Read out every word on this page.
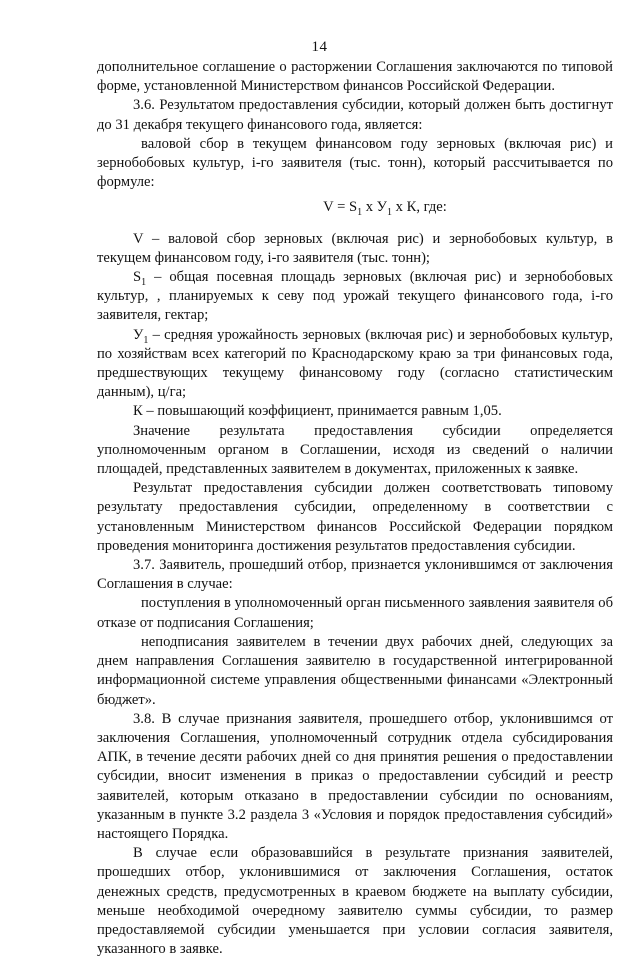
14

дополнительное соглашение о расторжении Соглашения заключаются по типовой форме, установленной Министерством финансов Российской Федерации.

3.6. Результатом предоставления субсидии, который должен быть достигнут до 31 декабря текущего финансового года, является:

валовой сбор в текущем финансовом году зерновых (включая рис) и зернобобовых культур, i-го заявителя (тыс. тонн), который рассчитывается по формуле:

$V = S_1$ x $У_1$ x К, где:

V – валовой сбор зерновых (включая рис) и зернобобовых культур, в текущем финансовом году, i-го заявителя (тыс. тонн);

$S_1$ – общая посевная площадь зерновых (включая рис) и зернобобовых культур, , планируемых к севу под урожай текущего финансового года, i-го заявителя, гектар;

$У_1$ – средняя урожайность зерновых (включая рис) и зернобобовых культур, по хозяйствам всех категорий по Краснодарскому краю за три финансовых года, предшествующих текущему финансовому году (согласно статистическим данным), ц/га;

К – повышающий коэффициент, принимается равным 1,05.

Значение результата предоставления субсидии определяется уполномоченным органом в Соглашении, исходя из сведений о наличии площадей, представленных заявителем в документах, приложенных к заявке.

Результат предоставления субсидии должен соответствовать типовому результату предоставления субсидии, определенному в соответствии с установленным Министерством финансов Российской Федерации порядком проведения мониторинга достижения результатов предоставления субсидии.

3.7. Заявитель, прошедший отбор, признается уклонившимся от заключения Соглашения в случае:

поступления в уполномоченный орган письменного заявления заявителя об отказе от подписания Соглашения;

неподписания заявителем в течении двух рабочих дней, следующих за днем направления Соглашения заявителю в государственной интегрированной информационной системе управления общественными финансами «Электронный бюджет».

3.8. В случае признания заявителя, прошедшего отбор, уклонившимся от заключения Соглашения, уполномоченный сотрудник отдела субсидирования АПК, в течение десяти рабочих дней со дня принятия решения о предоставлении субсидии, вносит изменения в приказ о предоставлении субсидий и реестр заявителей, которым отказано в предоставлении субсидии по основаниям, указанным в пункте 3.2 раздела 3 «Условия и порядок предоставления субсидий» настоящего Порядка.

В случае если образовавшийся в результате признания заявителей, прошедших отбор, уклонившимися от заключения Соглашения, остаток денежных средств, предусмотренных в краевом бюджете на выплату субсидии, меньше необходимой очередному заявителю суммы субсидии, то размер предоставляемой субсидии уменьшается при условии согласия заявителя, указанного в заявке.
